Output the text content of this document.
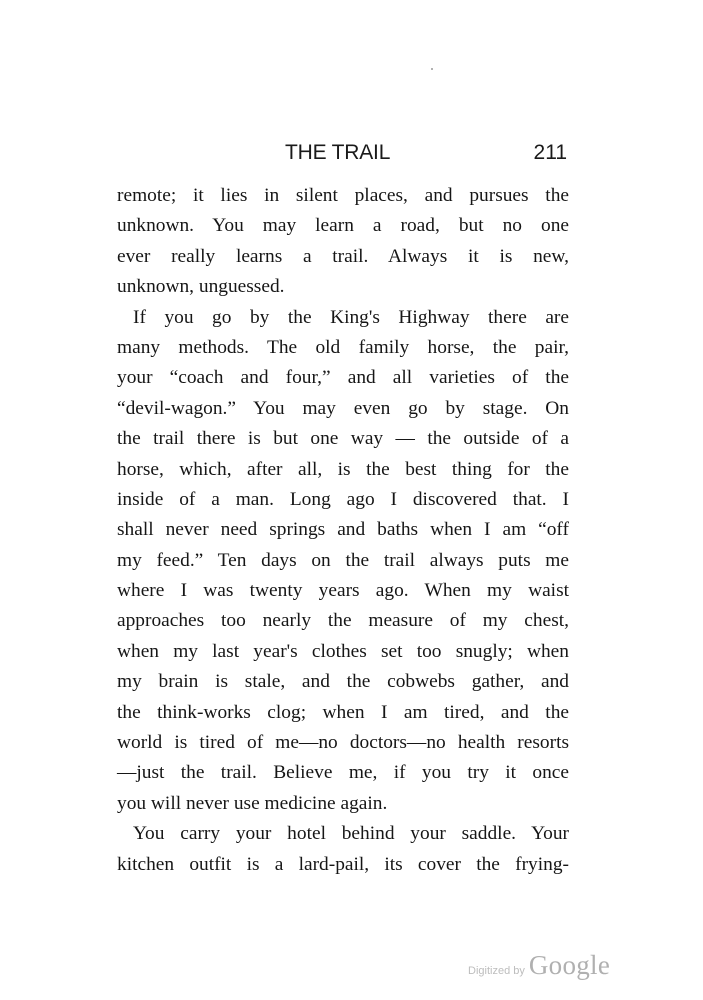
THE TRAIL	211
remote; it lies in silent places, and pursues the
unknown. You may learn a road, but no one
ever really learns a trail. Always it is new,
unknown, unguessed.
If you go by the King's Highway there are
many methods. The old family horse, the pair,
your “coach and four,” and all varieties of the
“devil-wagon.” You may even go by stage. On
the trail there is but one way — the outside of a
horse, which, after all, is the best thing for the
inside of a man. Long ago I discovered that. I
shall never need springs and baths when I am “off
my feed.” Ten days on the trail always puts me
where I was twenty years ago. When my waist
approaches too nearly the measure of my chest,
when my last year's clothes set too snugly; when
my brain is stale, and the cobwebs gather, and
the think-works clog; when I am tired, and the
world is tired of me—no doctors—no health resorts
—just the trail. Believe me, if you try it once
you will never use medicine again.
You carry your hotel behind your saddle. Your
kitchen outfit is a lard-pail, its cover the frying-
Digitized by Google
